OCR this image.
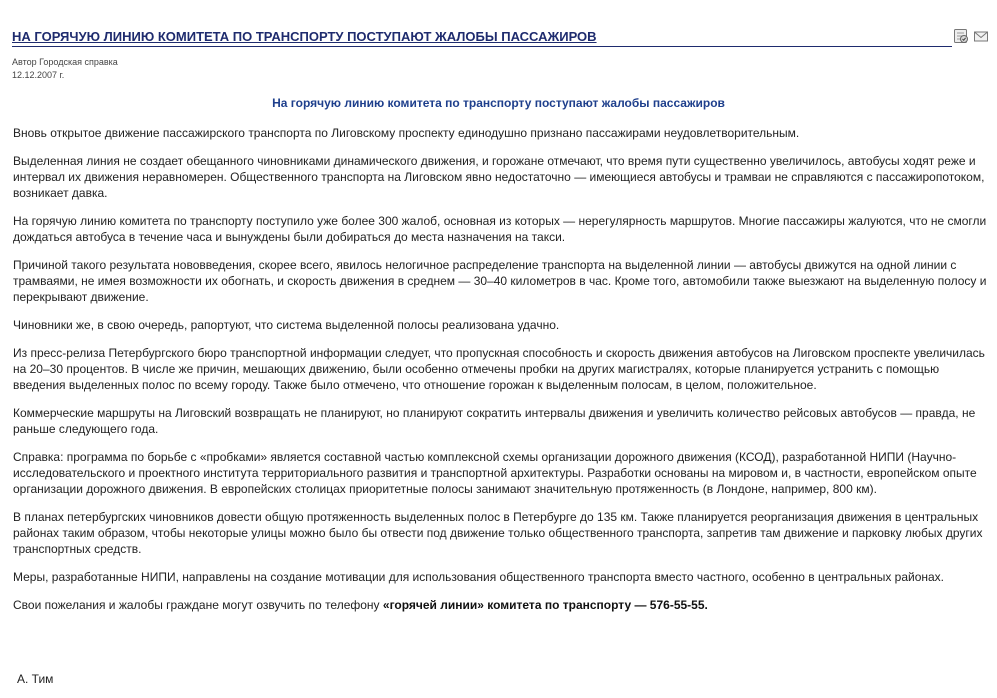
НА ГОРЯЧУЮ ЛИНИЮ КОМИТЕТА ПО ТРАНСПОРТУ ПОСТУПАЮТ ЖАЛОБЫ ПАССАЖИРОВ
Автор Городская справка
12.12.2007 г.
На горячую линию комитета по транспорту поступают жалобы пассажиров

Вновь открытое движение пассажирского транспорта по Лиговскому проспекту единодушно признано пассажирами неудовлетворительным.

Выделенная линия не создает обещанного чиновниками динамического движения, и горожане отмечают, что время пути существенно увеличилось, автобусы ходят реже и интервал их движения неравномерен. Общественного транспорта на Лиговском явно недостаточно — имеющиеся автобусы и трамваи не справляются с пассажиропотоком, возникает давка.

На горячую линию комитета по транспорту поступило уже более 300 жалоб, основная из которых — нерегулярность маршрутов. Многие пассажиры жалуются, что не смогли дождаться автобуса в течение часа и вынуждены были добираться до места назначения на такси.

Причиной такого результата нововведения, скорее всего, явилось нелогичное распределение транспорта на выделенной линии — автобусы движутся на одной линии с трамваями, не имея возможности их обогнать, и скорость движения в среднем — 30–40 километров в час. Кроме того, автомобили также выезжают на выделенную полосу и перекрывают движение.

Чиновники же, в свою очередь, рапортуют, что система выделенной полосы реализована удачно.

Из пресс-релиза Петербургского бюро транспортной информации следует, что пропускная способность и скорость движения автобусов на Лиговском проспекте увеличилась на 20–30 процентов. В числе же причин, мешающих движению, были особенно отмечены пробки на других магистралях, которые планируется устранить с помощью введения выделенных полос по всему городу. Также было отмечено, что отношение горожан к выделенным полосам, в целом, положительное.

Коммерческие маршруты на Лиговский возвращать не планируют, но планируют сократить интервалы движения и увеличить количество рейсовых автобусов — правда, не раньше следующего года.

Справка: программа по борьбе с «пробками» является составной частью комплексной схемы организации дорожного движения (КСОД), разработанной НИПИ (Научно-исследовательского и проектного института территориального развития и транспортной архитектуры. Разработки основаны на мировом и, в частности, европейском опыте организации дорожного движения. В европейских столицах приоритетные полосы занимают значительную протяженность (в Лондоне, например, 800 км).

В планах петербургских чиновников довести общую протяженность выделенных полос в Петербурге до 135 км. Также планируется реорганизация движения в центральных районах таким образом, чтобы некоторые улицы можно было бы отвести под движение только общественного транспорта, запретив там движение и парковку любых других транспортных средств.

Меры, разработанные НИПИ, направлены на создание мотивации для использования общественного транспорта вместо частного, особенно в центральных районах.

Свои пожелания и жалобы граждане могут озвучить по телефону «горячей линии» комитета по транспорту — 576-55-55.

А. Тим
